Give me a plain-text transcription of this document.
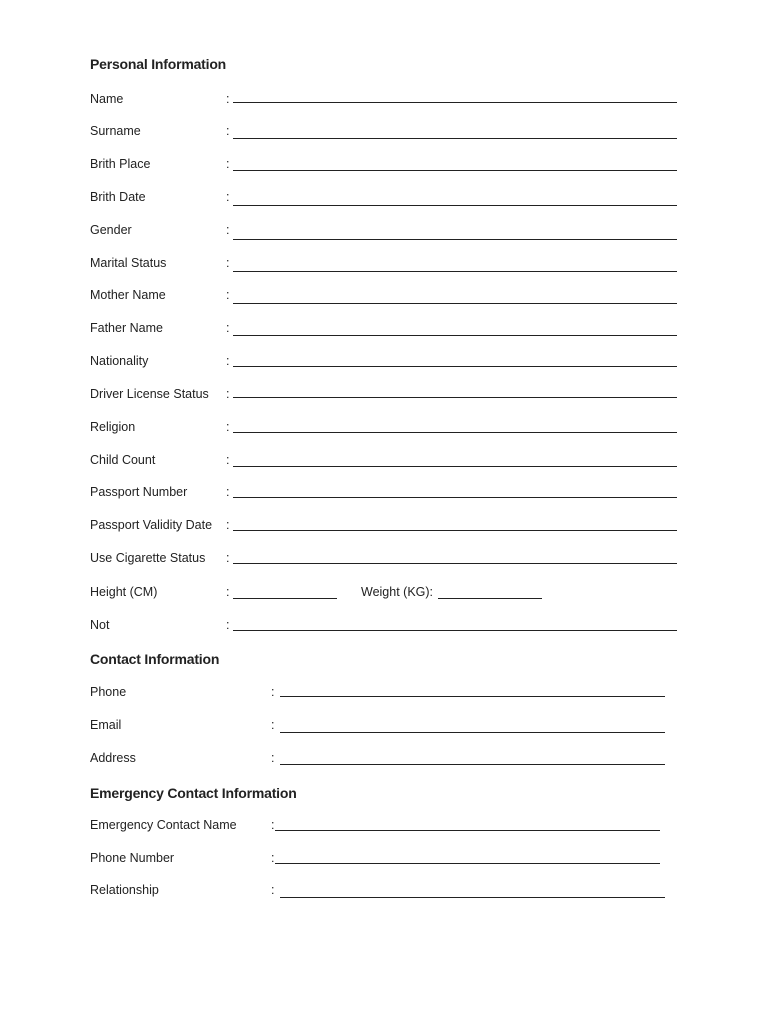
Personal Information
Name	:
Surname	:
Brith Place	:
Brith Date	:
Gender	:
Marital Status	:
Mother Name	:
Father Name	:
Nationality	:
Driver License Status :
Religion	:
Child Count	:
Passport Number	:
Passport Validity Date :
Use Cigarette Status :
Height (CM)	:	Weight (KG):
Not	:
Contact Information
Phone	:
Email	:
Address	:
Emergency Contact Information
Emergency Contact Name	:
Phone Number	:
Relationship	:
